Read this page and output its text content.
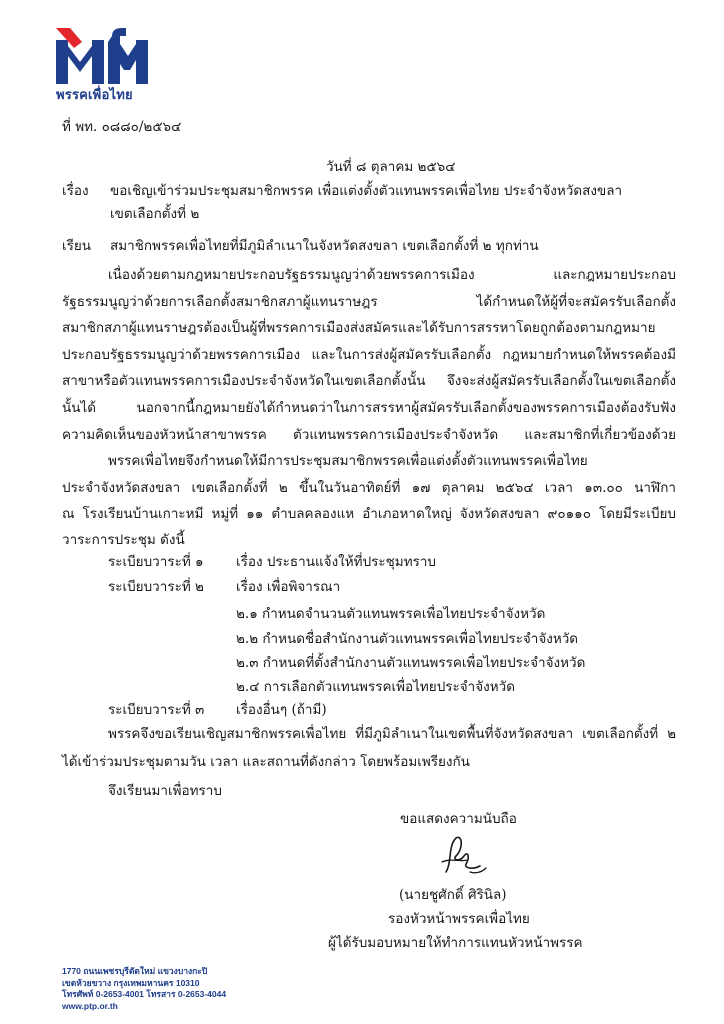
พรรคเพื่อไทย
ที่ พท. ๐๘๘๐/๒๕๖๔
วันที่ ๘ ตุลาคม ๒๕๖๔
เรื่อง ขอเชิญเข้าร่วมประชุมสมาชิกพรรค เพื่อแต่งตั้งตัวแทนพรรคเพื่อไทย ประจำจังหวัดสงขลา
เขตเลือกตั้งที่ ๒
เรียน สมาชิกพรรคเพื่อไทยที่มีภูมิลำเนาในจังหวัดสงขลา เขตเลือกตั้งที่ ๒ ทุกท่าน
เนื่องด้วยตามกฎหมายประกอบรัฐธรรมนูญว่าด้วยพรรคการเมือง และกฎหมายประกอบ
รัฐธรรมนูญว่าด้วยการเลือกตั้งสมาชิกสภาผู้แทนราษฎร ได้กำหนดให้ผู้ที่จะสมัครรับเลือกตั้ง
สมาชิกสภาผู้แทนราษฎรต้องเป็นผู้ที่พรรคการเมืองส่งสมัครและได้รับการสรรหาโดยถูกต้องตามกฎหมาย
ประกอบรัฐธรรมนูญว่าด้วยพรรคการเมือง และในการส่งผู้สมัครรับเลือกตั้ง กฎหมายกำหนดให้พรรคต้องมี
สาขาหรือตัวแทนพรรคการเมืองประจำจังหวัดในเขตเลือกตั้งนั้น จึงจะส่งผู้สมัครรับเลือกตั้งในเขตเลือกตั้ง
นั้นได้ นอกจากนี้กฎหมายยังได้กำหนดว่าในการสรรหาผู้สมัครรับเลือกตั้งของพรรคการเมืองต้องรับฟัง
ความคิดเห็นของหัวหน้าสาขาพรรค ตัวแทนพรรคการเมืองประจำจังหวัด และสมาชิกที่เกี่ยวข้องด้วย
พรรคเพื่อไทยจึงกำหนดให้มีการประชุมสมาชิกพรรคเพื่อแต่งตั้งตัวแทนพรรคเพื่อไทย
ประจำจังหวัดสงขลา เขตเลือกตั้งที่ ๒ ขึ้นในวันอาทิตย์ที่ ๑๗ ตุลาคม ๒๕๖๔ เวลา ๑๓.๐๐ นาฬิกา
ณ โรงเรียนบ้านเกาะหมี หมู่ที่ ๑๑ ตำบลคลองแห อำเภอหาดใหญ่ จังหวัดสงขลา ๙๐๑๑๐ โดยมีระเบียบ
วาระการประชุม ดังนี้
ระเบียบวาระที่ ๑ เรื่อง ประธานแจ้งให้ที่ประชุมทราบ
ระเบียบวาระที่ ๒ เรื่อง เพื่อพิจารณา
๒.๑ กำหนดจำนวนตัวแทนพรรคเพื่อไทยประจำจังหวัด
๒.๒ กำหนดชื่อสำนักงานตัวแทนพรรคเพื่อไทยประจำจังหวัด
๒.๓ กำหนดที่ตั้งสำนักงานตัวแทนพรรคเพื่อไทยประจำจังหวัด
๒.๔ การเลือกตัวแทนพรรคเพื่อไทยประจำจังหวัด
ระเบียบวาระที่ ๓ เรื่องอื่นๆ (ถ้ามี)
พรรคจึงขอเรียนเชิญสมาชิกพรรคเพื่อไทย ที่มีภูมิลำเนาในเขตพื้นที่จังหวัดสงขลา เขตเลือกตั้งที่ ๒
ได้เข้าร่วมประชุมตามวัน เวลา และสถานที่ดังกล่าว โดยพร้อมเพรียงกัน
จึงเรียนมาเพื่อทราบ
ขอแสดงความนับถือ
(นายชูศักดิ์ ศิรินิล)
รองหัวหน้าพรรคเพื่อไทย
ผู้ได้รับมอบหมายให้ทำการแทนหัวหน้าพรรค
1770 ถนนเพชรบุรีตัดใหม่ แขวงบางกะปิ
เขตห้วยขวาง กรุงเทพมหานคร 10310
โทรศัพท์ 0-2653-4001 โทรสาร 0-2653-4044
www.ptp.or.th
